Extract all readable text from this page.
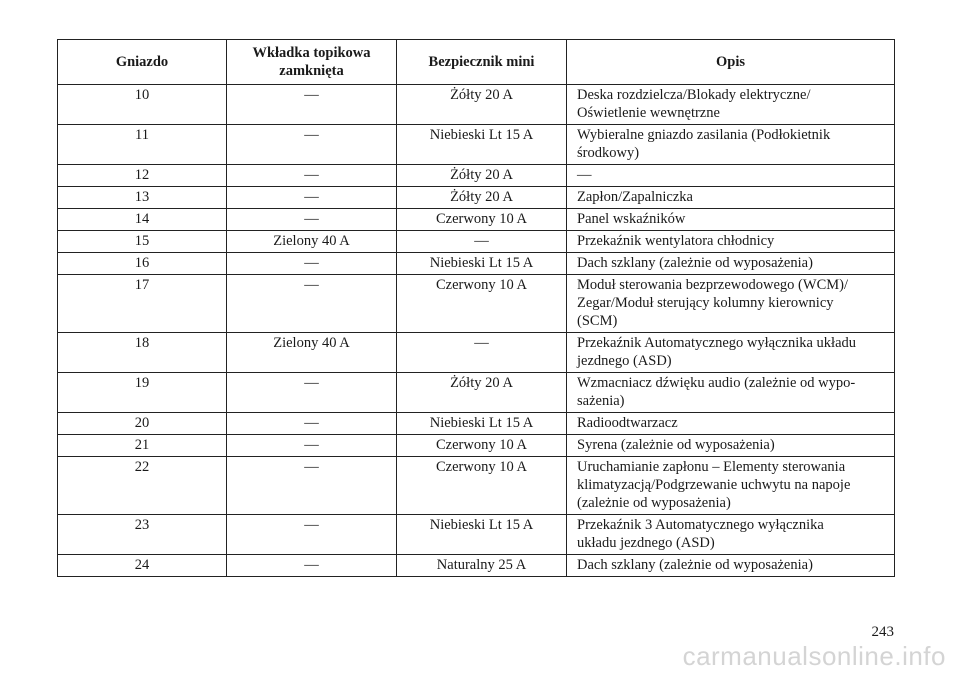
Gniazdo	Wkładka topikowa zamknięta	Bezpiecznik mini	Opis
10	—	Żółty 20 A	Deska rozdzielcza/Blokady elektryczne/
Oświetlenie wewnętrzne

11	—	Niebieski Lt 15 A	Wybieralne gniazdo zasilania (Podłokietnik
środkowy)

12	—	Żółty 20 A	—

13	—	Żółty 20 A	Zapłon/Zapalniczka

14	—	Czerwony 10 A	Panel wskaźników

15	Zielony 40 A	—	Przekaźnik wentylatora chłodnicy

16	—	Niebieski Lt 15 A	Dach szklany (zależnie od wyposażenia)

17	—	Czerwony 10 A	Moduł sterowania bezprzewodowego (WCM)/
Zegar/Moduł sterujący kolumny kierownicy
(SCM)

18	Zielony 40 A	—	Przekaźnik Automatycznego wyłącznika układu
jezdnego (ASD)

19	—	Żółty 20 A	Wzmacniacz dźwięku audio (zależnie od wypo-
sażenia)

20	—	Niebieski Lt 15 A	Radioodtwarzacz

21	—	Czerwony 10 A	Syrena (zależnie od wyposażenia)

22	—	Czerwony 10 A	Uruchamianie zapłonu – Elementy sterowania
klimatyzacją/Podgrzewanie uchwytu na napoje
(zależnie od wyposażenia)

23	—	Niebieski Lt 15 A	Przekaźnik 3 Automatycznego wyłącznika
układu jezdnego (ASD)

24	—	Naturalny 25 A	Dach szklany (zależnie od wyposażenia)
243
carmanualsonline.info
